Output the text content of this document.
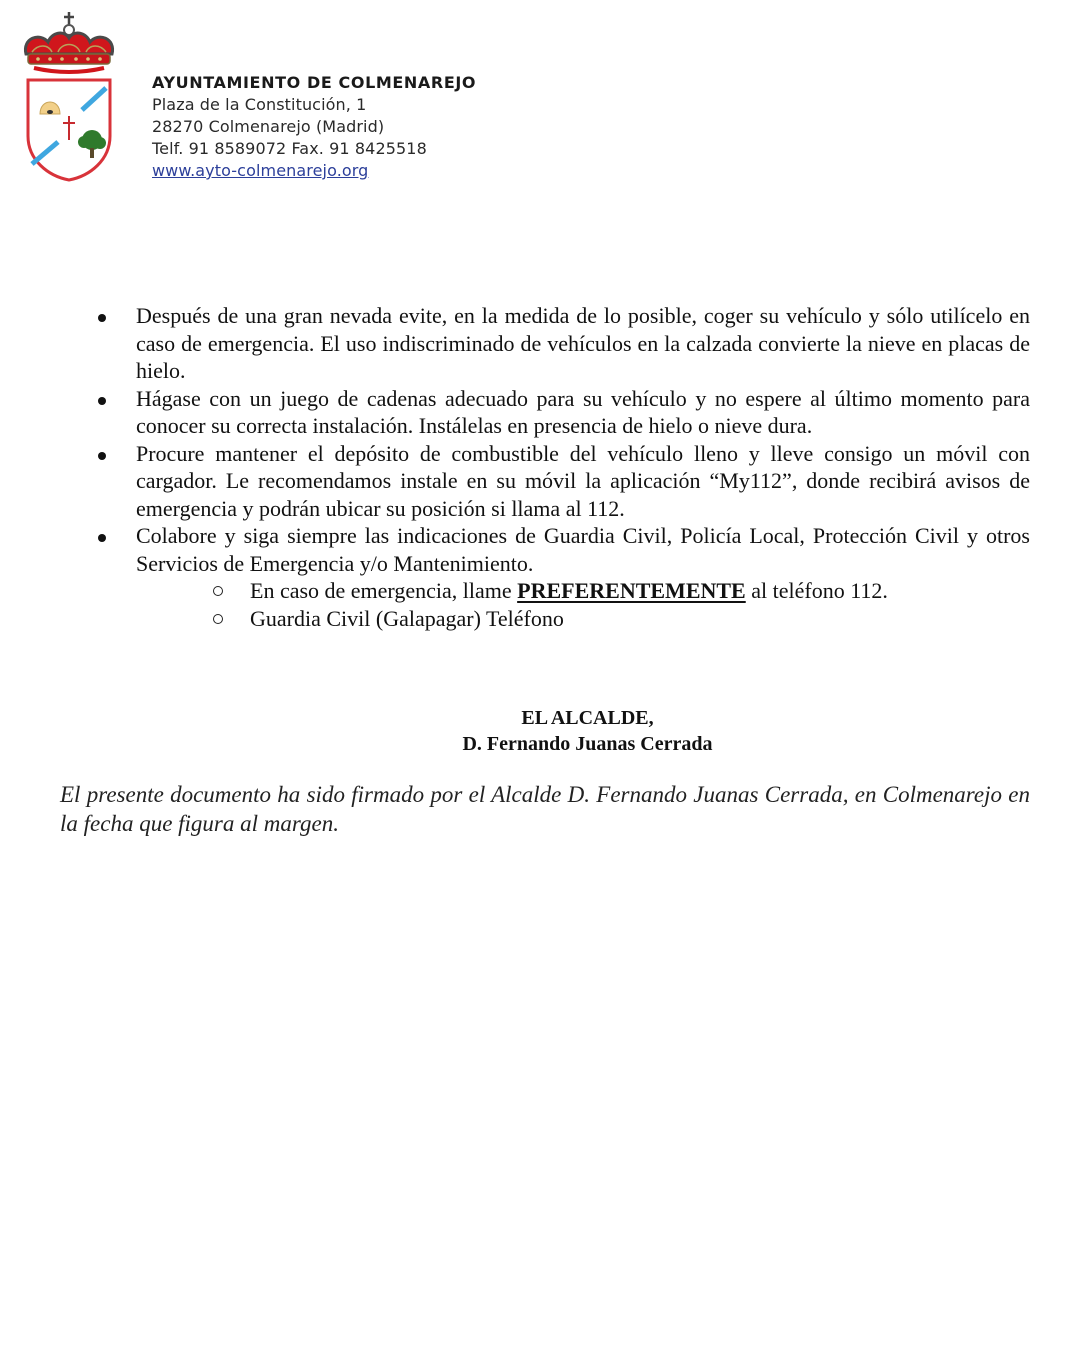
AYUNTAMIENTO DE COLMENAREJO
Plaza de la Constitución, 1
28270 Colmenarejo (Madrid)
Telf. 91 8589072 Fax. 91 8425518
www.ayto-colmenarejo.org
Después de una gran nevada evite, en la medida de lo posible, coger su vehículo y sólo utilícelo en caso de emergencia. El uso indiscriminado de vehículos en la calzada convierte la nieve en placas de hielo.
Hágase con un juego de cadenas adecuado para su vehículo y no espere al último momento para conocer su correcta instalación. Instálelas en presencia de hielo o nieve dura.
Procure mantener el depósito de combustible del vehículo lleno y lleve consigo un móvil con cargador. Le recomendamos instale en su móvil la aplicación “My112”, donde recibirá avisos de emergencia y podrán ubicar su posición si llama al 112.
Colabore y siga siempre las indicaciones de Guardia Civil, Policía Local, Protección Civil y otros Servicios de Emergencia y/o Mantenimiento.
En caso de emergencia, llame PREFERENTEMENTE al teléfono 112.
Guardia Civil (Galapagar) Teléfono
EL ALCALDE,
D. Fernando Juanas Cerrada
El presente documento ha sido firmado por el Alcalde D. Fernando Juanas Cerrada, en Colmenarejo en la fecha que figura al margen.
